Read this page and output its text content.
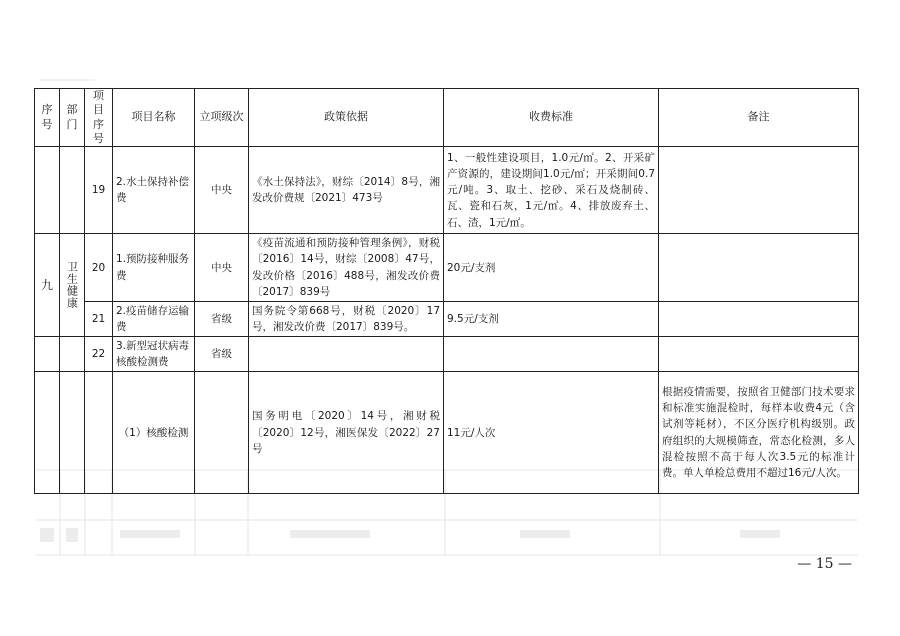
序号	部门	项目序号	项目名称	立项级次	政策依据	收费标准	备注
		19	2.水土保持补偿费	中央	《水土保持法》，财综〔2014〕8号，湘发改价费规〔2021〕473号	1、一般性建设项目，1.0元/㎡。2、开采矿产资源的，建设期间1.0元/㎡；开采期间0.7元/吨。3、取土、挖砂、采石及烧制砖、瓦、瓷和石灰，1元/㎡。4、排放废弃土、石、渣，1元/㎡。	
九	卫生健康	20	1.预防接种服务费	中央	《疫苗流通和预防接种管理条例》，财税〔2016〕14号，财综〔2008〕47号，发改价格〔2016〕488号，湘发改价费〔2017〕839号	20元/支剂	
		21	2.疫苗储存运输费	省级	国务院令第668号，财税〔2020〕17号，湘发改价费〔2017〕839号。	9.5元/支剂	
		22	3.新型冠状病毒核酸检测费	省级			
			（1）核酸检测		国务明电〔2020〕14号，湘财税〔2020〕12号，湘医保发〔2022〕27号	11元/人次	根据疫情需要，按照省卫健部门技术要求和标准实施混检时，每样本收费4元（含试剂等耗材），不区分医疗机构级别。政府组织的大规模筛查，常态化检测，多人混检按照不高于每人次3.5元的标准计费。单人单检总费用不超过16元/人次。
— 15 —
